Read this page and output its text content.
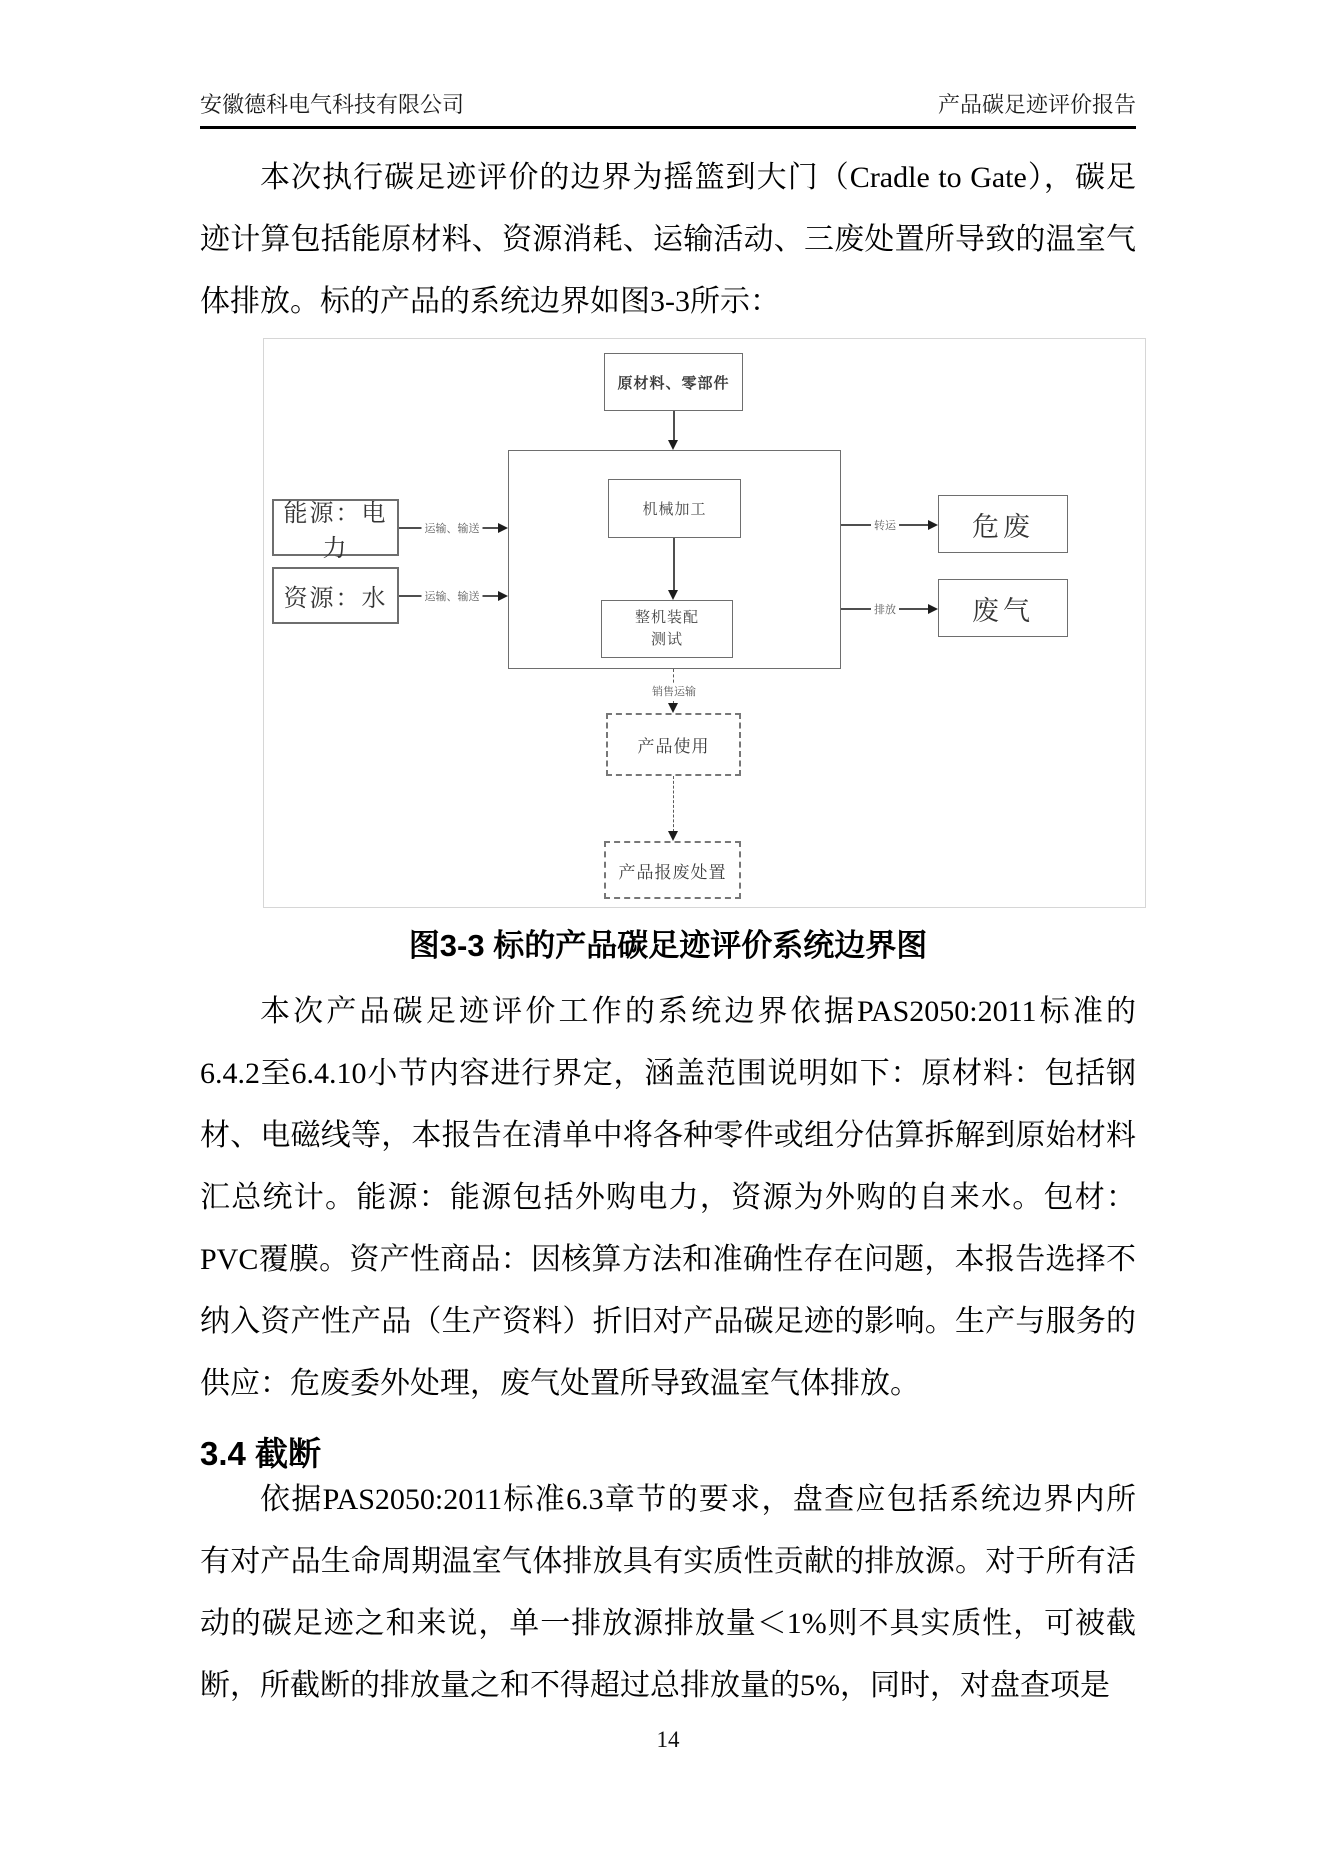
安徽德科电气科技有限公司	产品碳足迹评价报告
本次执行碳足迹评价的边界为摇篮到大门（Cradle to Gate），碳足
迹计算包括能原材料、资源消耗、运输活动、三废处置所导致的温室气
体排放。标的产品的系统边界如图3-3所示：
原材料、零部件
机械加工
整机装配
测试
能源：电力
资源：水
危废
废气
产品使用
产品报废处置
运输、输送
运输、输送
转运
排放
销售运输
图3-3 标的产品碳足迹评价系统边界图
本次产品碳足迹评价工作的系统边界依据PAS2050:2011标准的
6.4.2至6.4.10小节内容进行界定，涵盖范围说明如下：原材料：包括钢
材、电磁线等，本报告在清单中将各种零件或组分估算拆解到原始材料
汇总统计。能源：能源包括外购电力，资源为外购的自来水。包材：
PVC覆膜。资产性商品：因核算方法和准确性存在问题，本报告选择不
纳入资产性产品（生产资料）折旧对产品碳足迹的影响。生产与服务的
供应：危废委外处理，废气处置所导致温室气体排放。
3.4 截断
依据PAS2050:2011标准6.3章节的要求，盘查应包括系统边界内所
有对产品生命周期温室气体排放具有实质性贡献的排放源。对于所有活
动的碳足迹之和来说，单一排放源排放量＜1%则不具实质性，可被截
断，所截断的排放量之和不得超过总排放量的5%，同时，对盘查项是
14
